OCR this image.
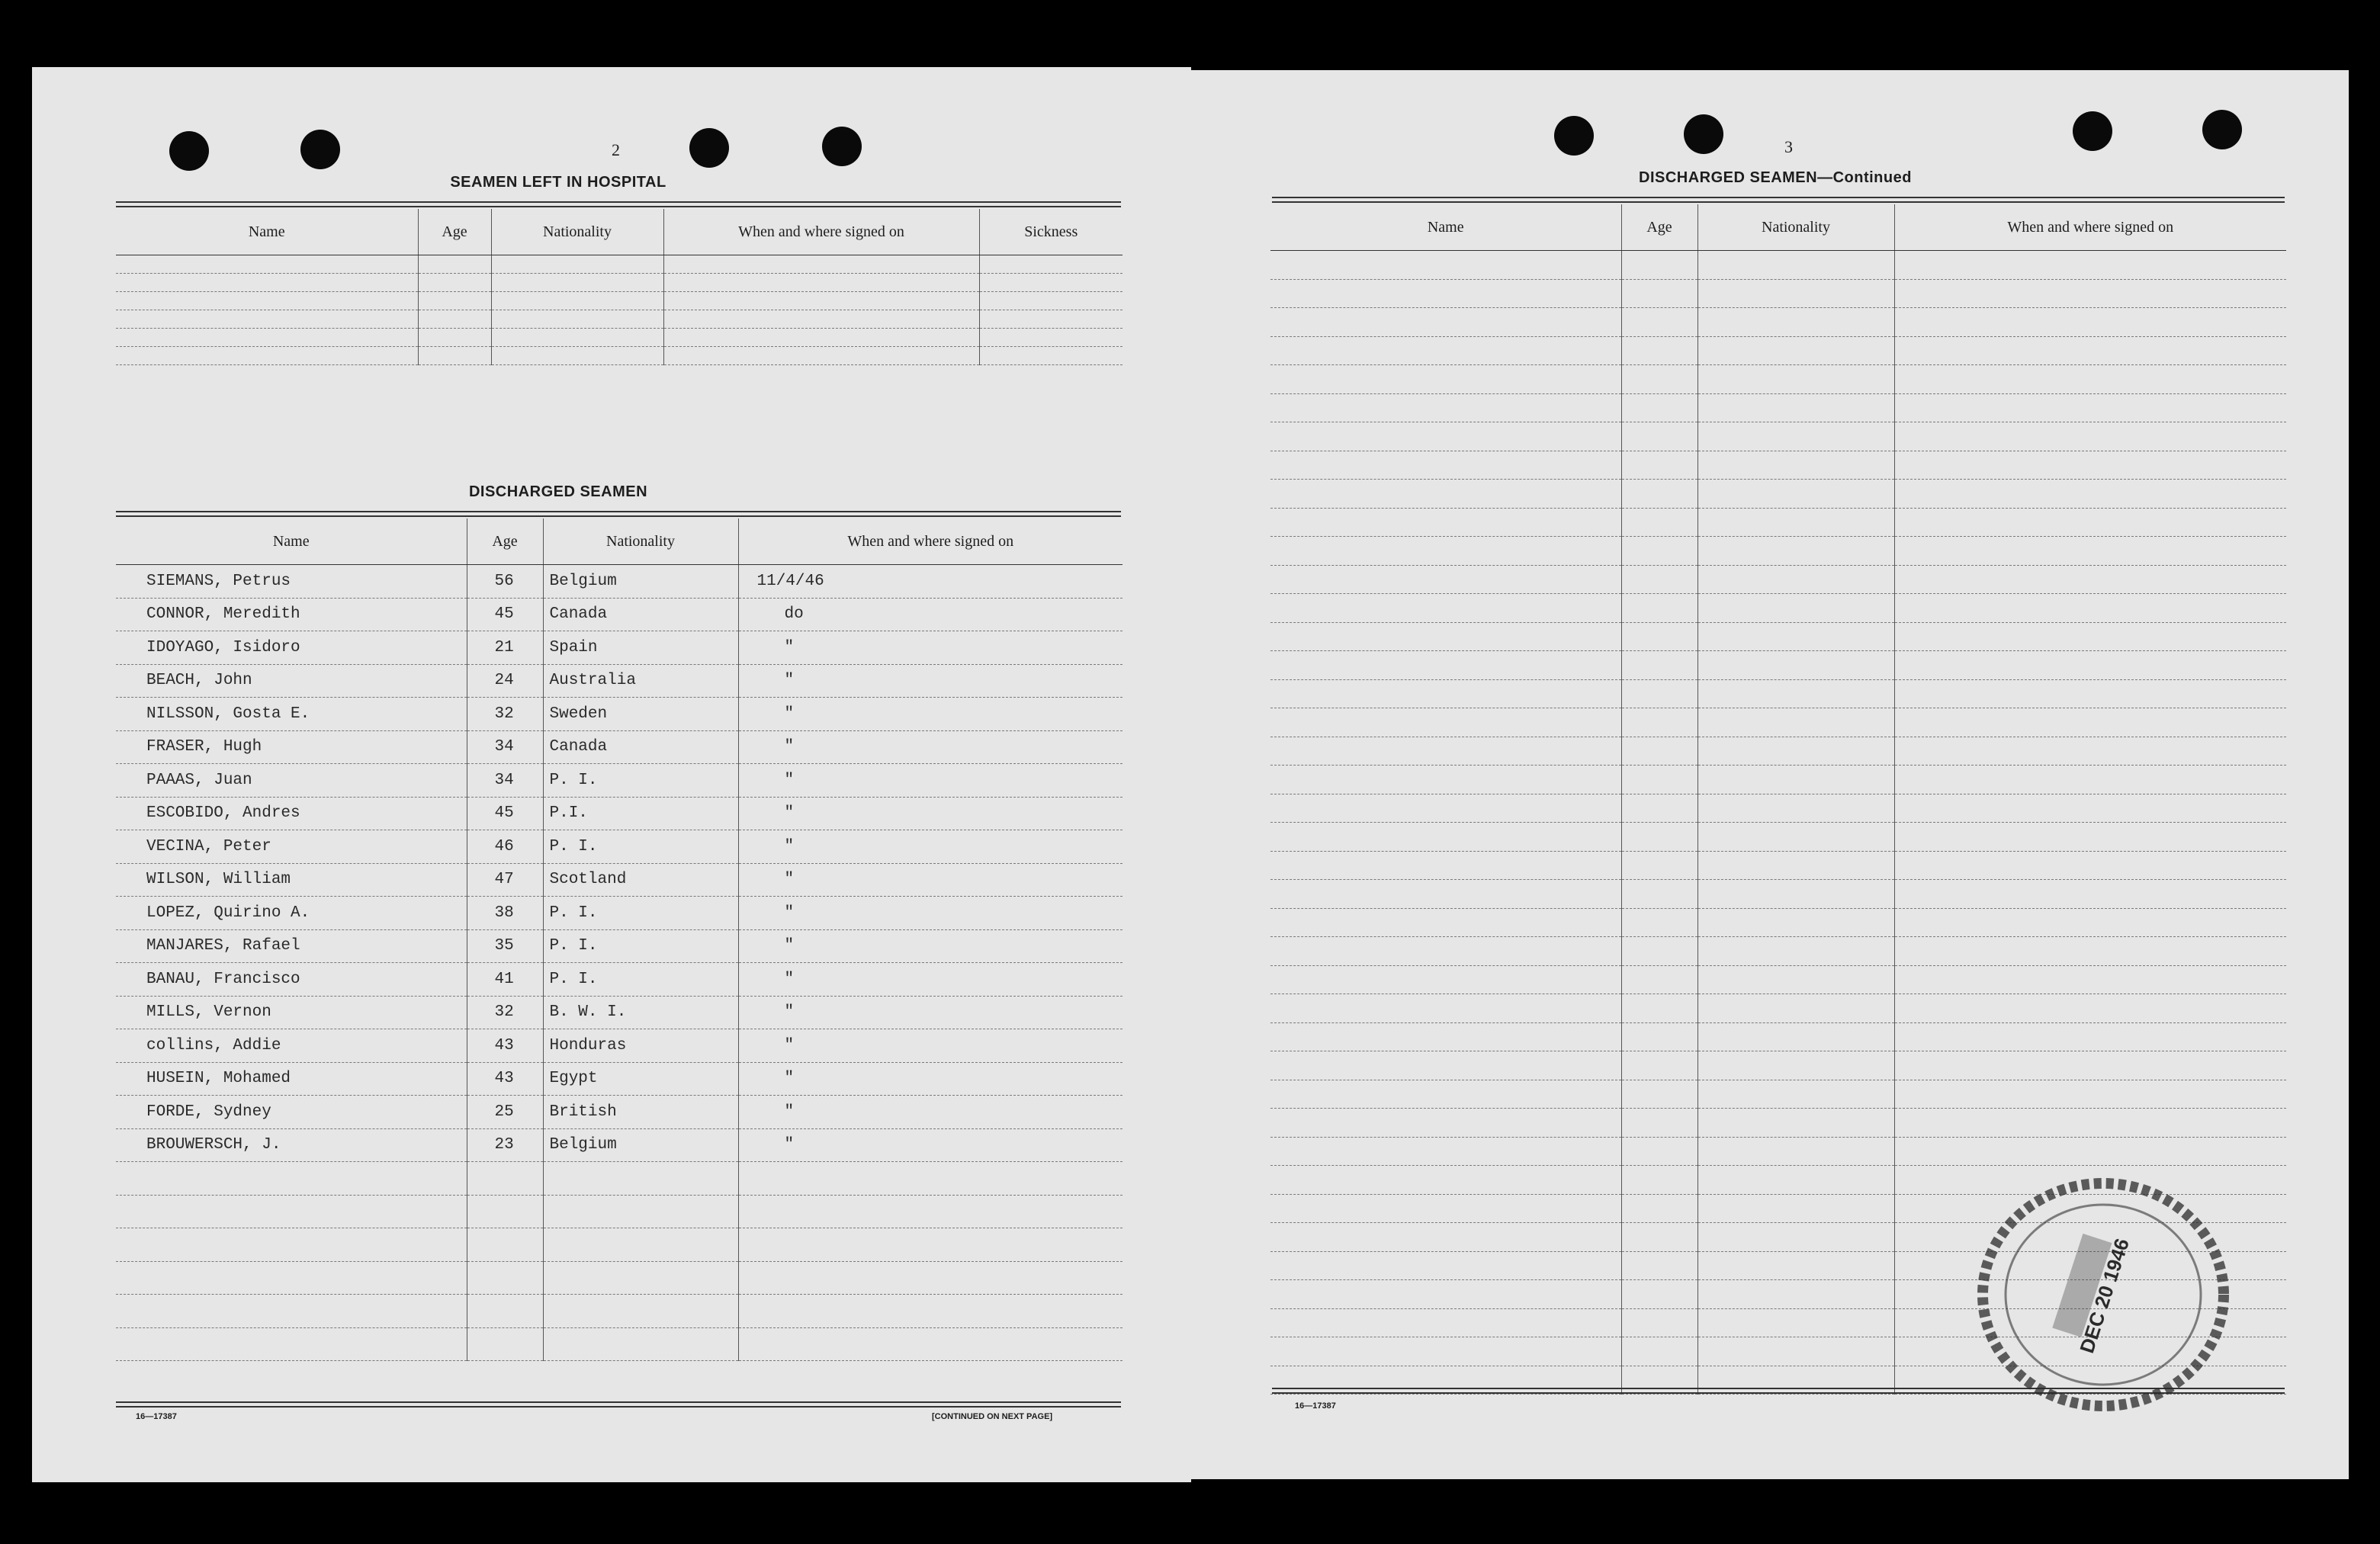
2
SEAMEN LEFT IN HOSPITAL
Name	Age	Nationality	When and where signed on	Sickness

DISCHARGED SEAMEN
Name	Age	Nationality	When and where signed on
SIEMANS, Petrus	56	Belgium	11/4/46
CONNOR, Meredith	45	Canada	do
IDOYAGO, Isidoro	21	Spain	"
BEACH, John	24	Australia	"
NILSSON, Gosta E.	32	Sweden	"
FRASER, Hugh	34	Canada	"
PAAAS, Juan	34	P. I.	"
ESCOBIDO, Andres	45	P.I.	"
VECINA, Peter	46	P. I.	"
WILSON, William	47	Scotland	"
LOPEZ, Quirino A.	38	P. I.	"
MANJARES, Rafael	35	P. I.	"
BANAU, Francisco	41	P. I.	"
MILLS, Vernon	32	B. W. I.	"
collins, Addie	43	Honduras	"
HUSEIN, Mohamed	43	Egypt	"
FORDE, Sydney	25	British	"
BROUWERSCH, J.	23	Belgium	"

16—17387	[CONTINUED ON NEXT PAGE]
3
DISCHARGED SEAMEN—Continued
Name	Age	Nationality	When and where signed on

16—17387
DEC 20 1946
